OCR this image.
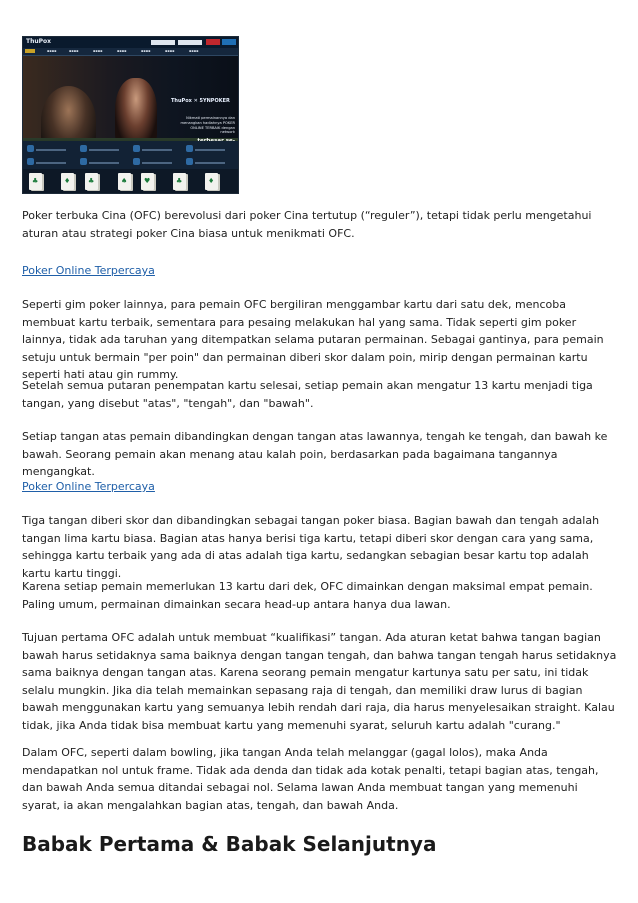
ThuPox

▪▪▪▪	▪▪▪▪	▪▪▪▪	▪▪▪▪	▪▪▪▪	▪▪▪▪	▪▪▪▪
ThuPox ✕ 5YNPOKER
Nikmati permainannya dan menangkan hadiahnya POKER ONLINE TERBAIK dengan network
♣	♦	♣	♠ ♥	♣	♦

Poker terbuka Cina (OFC) berevolusi dari poker Cina tertutup (“reguler”), tetapi tidak perlu mengetahui aturan atau strategi poker Cina biasa untuk menikmati OFC.

Poker Online Terpercaya

Seperti gim poker lainnya, para pemain OFC bergiliran menggambar kartu dari satu dek, mencoba membuat kartu terbaik, sementara para pesaing melakukan hal yang sama. Tidak seperti gim poker lainnya, tidak ada taruhan yang ditempatkan selama putaran permainan. Sebagai gantinya, para pemain setuju untuk bermain "per poin" dan permainan diberi skor dalam poin, mirip dengan permainan kartu seperti hati atau gin rummy.

Setelah semua putaran penempatan kartu selesai, setiap pemain akan mengatur 13 kartu menjadi tiga tangan, yang disebut "atas", "tengah", dan "bawah".

Setiap tangan atas pemain dibandingkan dengan tangan atas lawannya, tengah ke tengah, dan bawah ke bawah. Seorang pemain akan menang atau kalah poin, berdasarkan pada bagaimana tangannya mengangkat.

Poker Online Terpercaya

Tiga tangan diberi skor dan dibandingkan sebagai tangan poker biasa. Bagian bawah dan tengah adalah tangan lima kartu biasa. Bagian atas hanya berisi tiga kartu, tetapi diberi skor dengan cara yang sama, sehingga kartu terbaik yang ada di atas adalah tiga kartu, sedangkan sebagian besar kartu top adalah kartu kartu tinggi.

Karena setiap pemain memerlukan 13 kartu dari dek, OFC dimainkan dengan maksimal empat pemain. Paling umum, permainan dimainkan secara head-up antara hanya dua lawan.

Tujuan pertama OFC adalah untuk membuat “kualifikasi” tangan. Ada aturan ketat bahwa tangan bagian bawah harus setidaknya sama baiknya dengan tangan tengah, dan bahwa tangan tengah harus setidaknya sama baiknya dengan tangan atas. Karena seorang pemain mengatur kartunya satu per satu, ini tidak selalu mungkin. Jika dia telah memainkan sepasang raja di tengah, dan memiliki draw lurus di bagian bawah menggunakan kartu yang semuanya lebih rendah dari raja, dia harus menyelesaikan straight. Kalau tidak, jika Anda tidak bisa membuat kartu yang memenuhi syarat, seluruh kartu adalah "curang."

Dalam OFC, seperti dalam bowling, jika tangan Anda telah melanggar (gagal lolos), maka Anda mendapatkan nol untuk frame. Tidak ada denda dan tidak ada kotak penalti, tetapi bagian atas, tengah, dan bawah Anda semua ditandai sebagai nol. Selama lawan Anda membuat tangan yang memenuhi syarat, ia akan mengalahkan bagian atas, tengah, dan bawah Anda.

Babak Pertama & Babak Selanjutnya
